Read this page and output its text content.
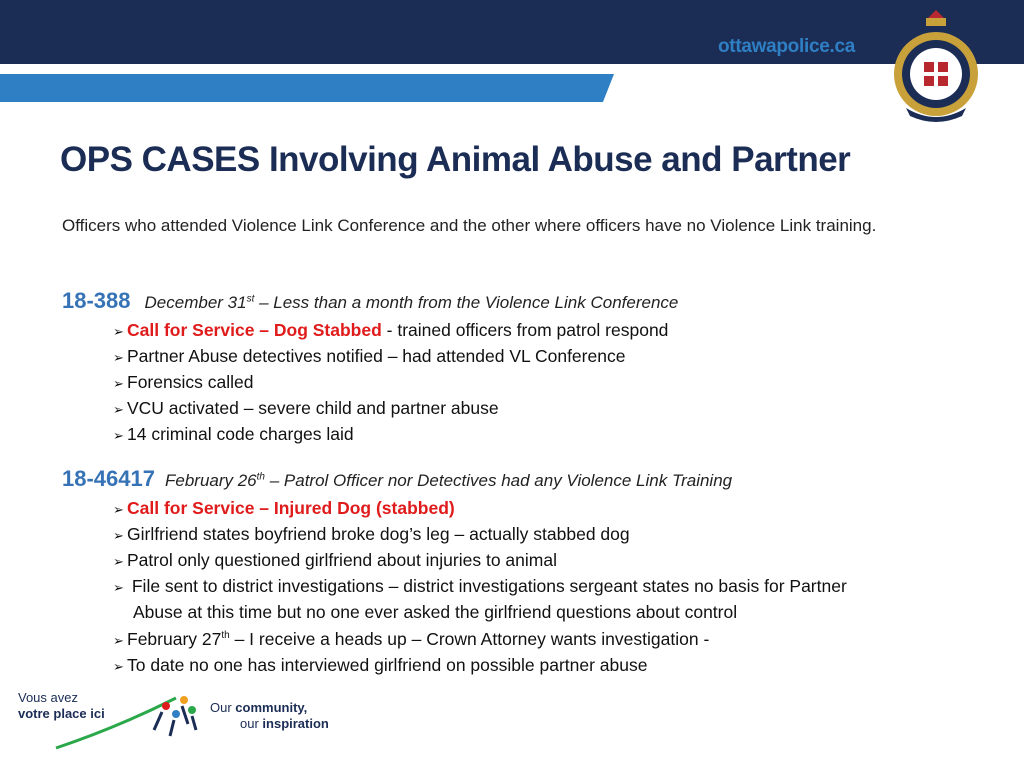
ottawapolice.ca
OPS CASES Involving Animal Abuse and Partner
Officers who attended Violence Link Conference and the other where officers have no Violence Link training.
18-388 December 31st – Less than a month from the Violence Link Conference
➢ Call for Service – Dog Stabbed - trained officers from patrol respond
➢ Partner Abuse detectives notified – had attended VL Conference
➢ Forensics called
➢ VCU activated – severe child and partner abuse
➢ 14 criminal code charges laid
18-46417 February 26th – Patrol Officer nor Detectives had any Violence Link Training
➢ Call for Service – Injured Dog (stabbed)
➢ Girlfriend states boyfriend broke dog’s leg – actually stabbed dog
➢ Patrol only questioned girlfriend about injuries to animal
➢ File sent to district investigations – district investigations sergeant states no basis for Partner
Abuse at this time but no one ever asked the girlfriend questions about control
➢ February 27th – I receive a heads up – Crown Attorney wants investigation -
➢ To date no one has interviewed girlfriend on possible partner abuse
Vous avez
votre place ici	Our community,
our inspiration
